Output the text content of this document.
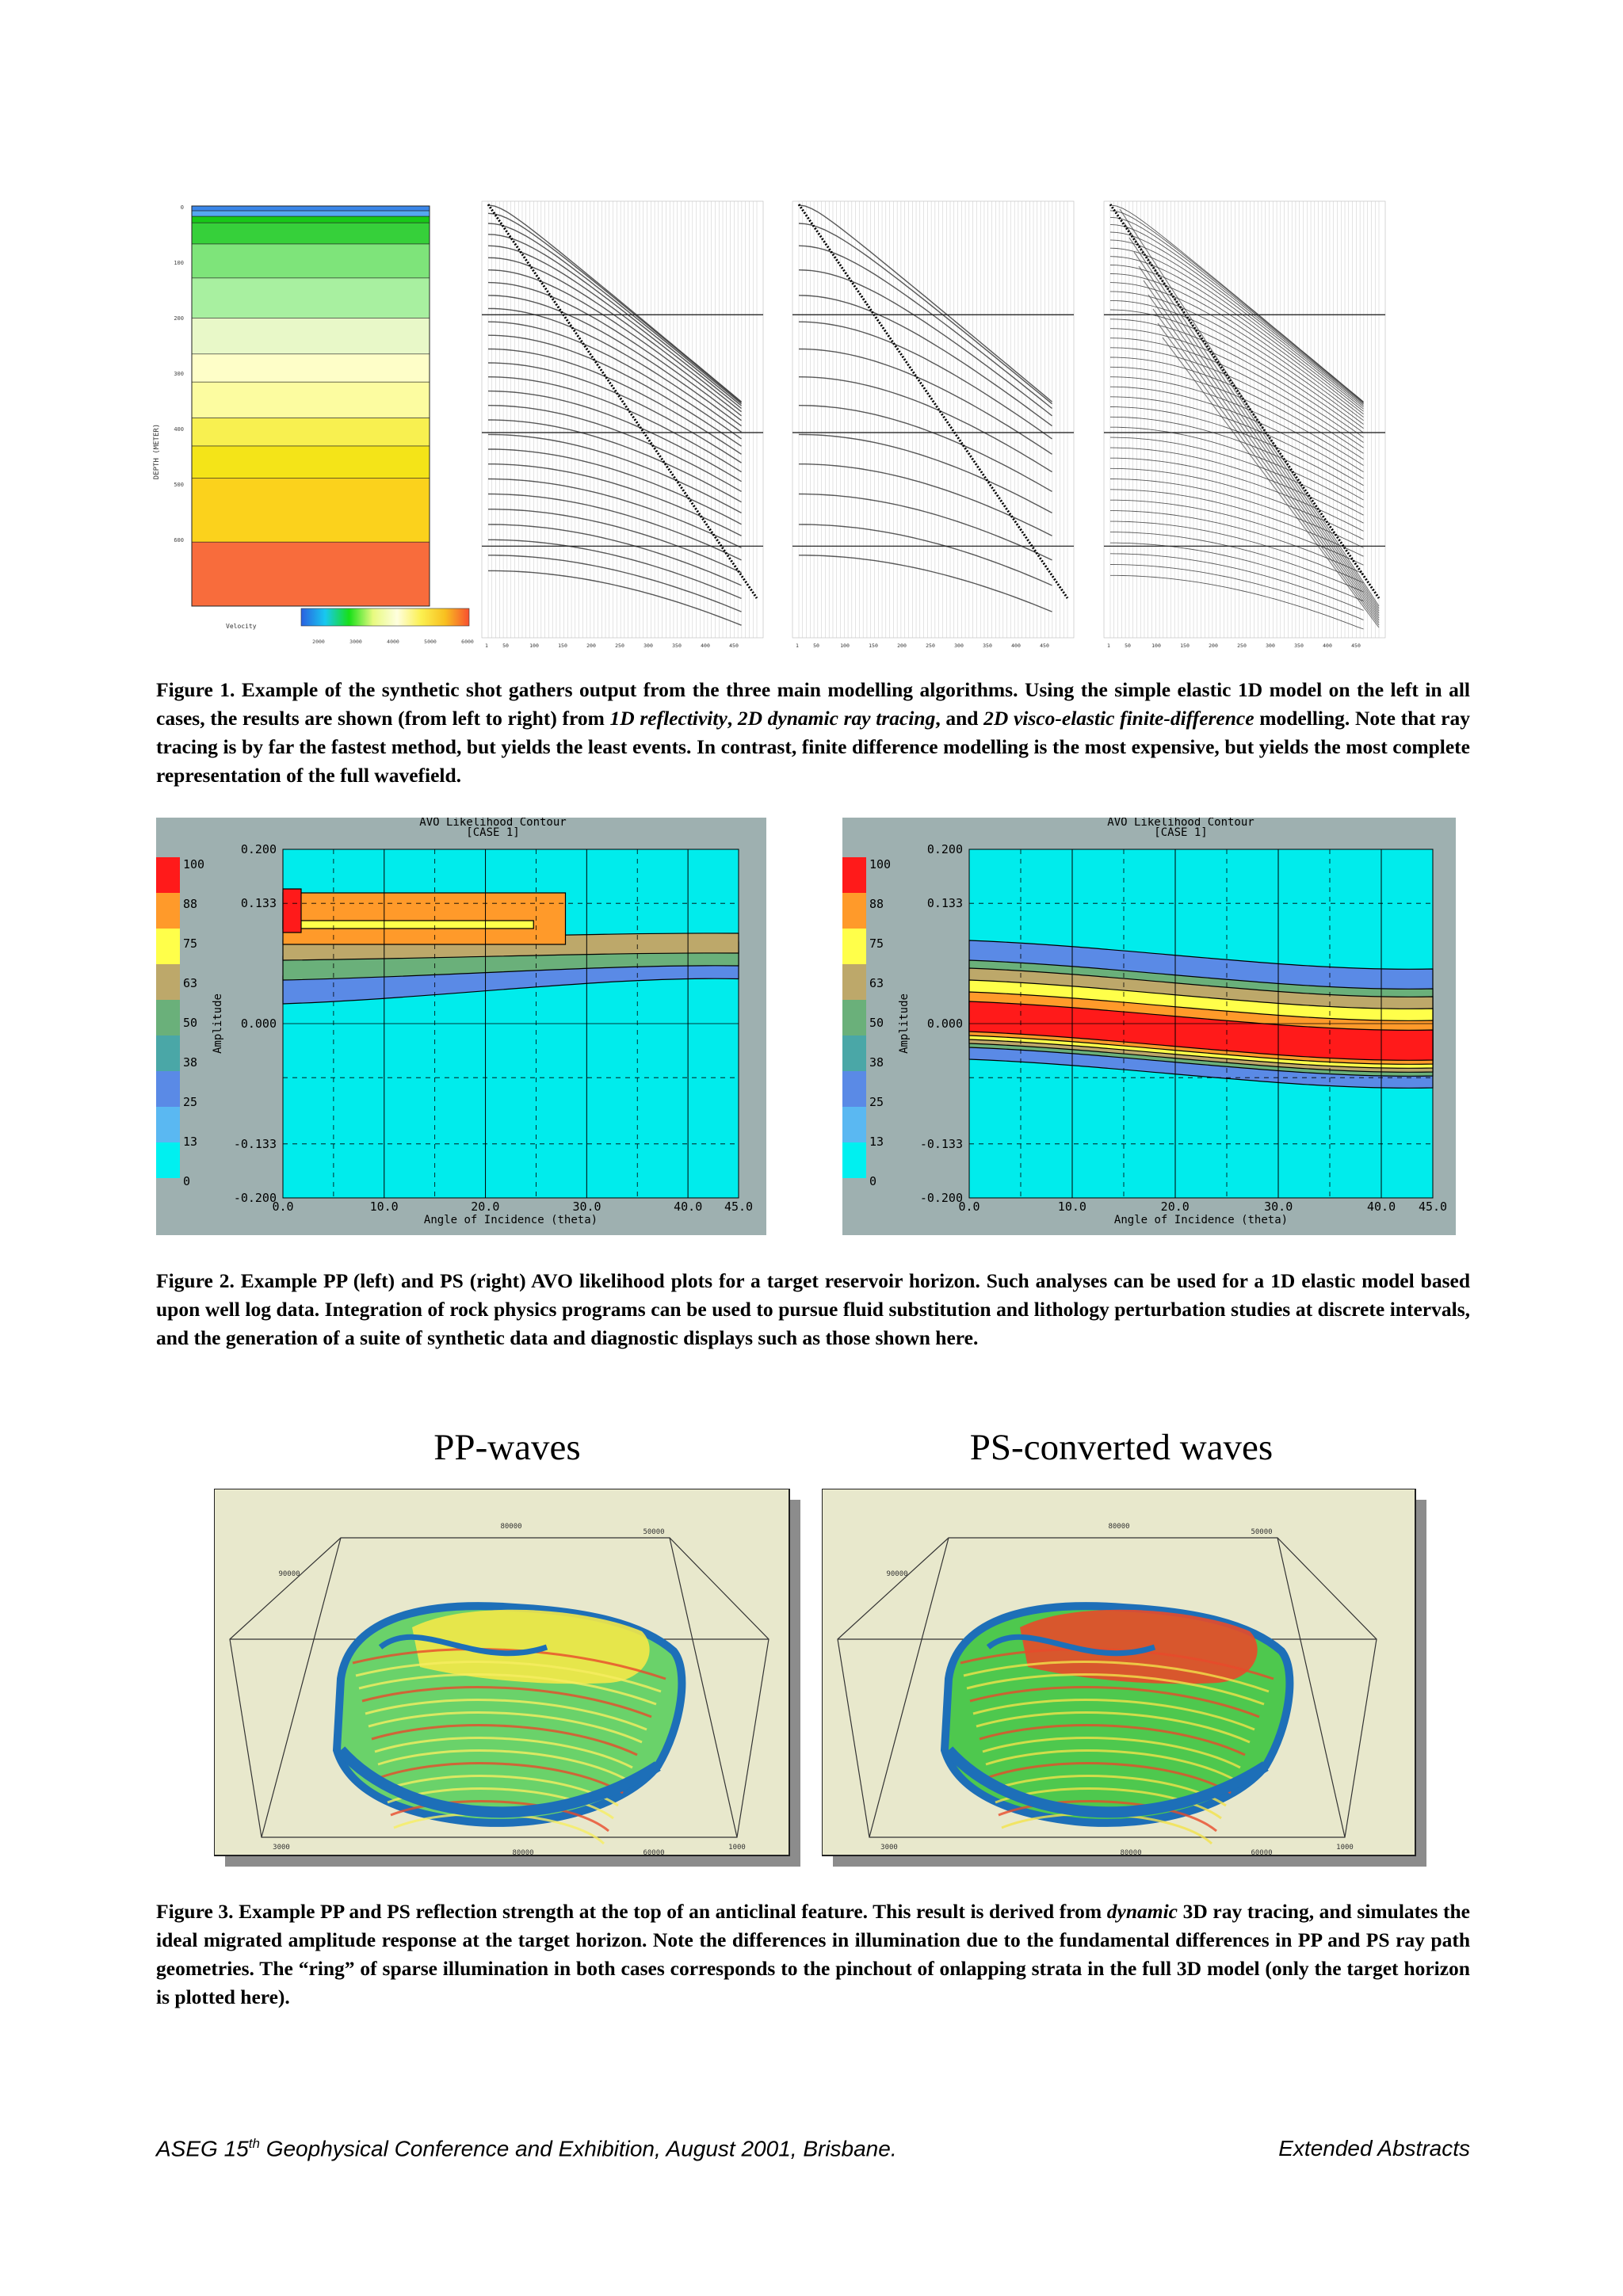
DEPTH (METER)
0
100
200
300
400
500
600
Velocity
2000	3000	4000	5000	6000
50	100	150	200	250	300	350	400	450
1	50	100	150	200	250	300	350	400	450
1	50	100	150	200	250	300	350	400	450
1
Figure 1. Example of the synthetic shot gathers output from the three main modelling algorithms. Using the simple elastic 1D model on the left in all cases, the results are shown (from left to right) from 1D reflectivity, 2D dynamic ray tracing, and 2D visco-elastic finite-difference modelling. Note that ray tracing is by far the fastest method, but yields the least events. In contrast, finite difference modelling is the most expensive, but yields the most complete representation of the full wavefield.
100
88
75
63
50
38
25
13
0
AVO Likelihood Contour
[CASE 1]
0.200
0.133
0.000
-0.133
-0.200
0.0	10.0	20.0	30.0	40.0 45.0
Angle of Incidence (theta)
Amplitude
100
88
75
63
50
38
25
13
0
AVO Likelihood Contour
[CASE 1]
0.200
0.133
0.000
-0.133
-0.200
0.0	10.0	20.0	30.0	40.0 45.0
Angle of Incidence (theta)
Amplitude
Figure 2. Example PP (left) and PS (right) AVO likelihood plots for a target reservoir horizon. Such analyses can be used for a 1D elastic model based upon well log data. Integration of rock physics programs can be used to pursue fluid substitution and lithology perturbation studies at discrete intervals, and the generation of a suite of synthetic data and diagnostic displays such as those shown here.
PP-waves	PS-converted waves
80000
50000
90000
3000	1000
80000	60000
80000
50000
90000
3000	1000
80000	60000
Figure 3. Example PP and PS reflection strength at the top of an anticlinal feature. This result is derived from dynamic 3D ray tracing, and simulates the ideal migrated amplitude response at the target horizon. Note the differences in illumination due to the fundamental differences in PP and PS ray path geometries. The “ring” of sparse illumination in both cases corresponds to the pinchout of onlapping strata in the full 3D model (only the target horizon is plotted here).
ASEG 15th Geophysical Conference and Exhibition, August 2001, Brisbane.	Extended Abstracts
